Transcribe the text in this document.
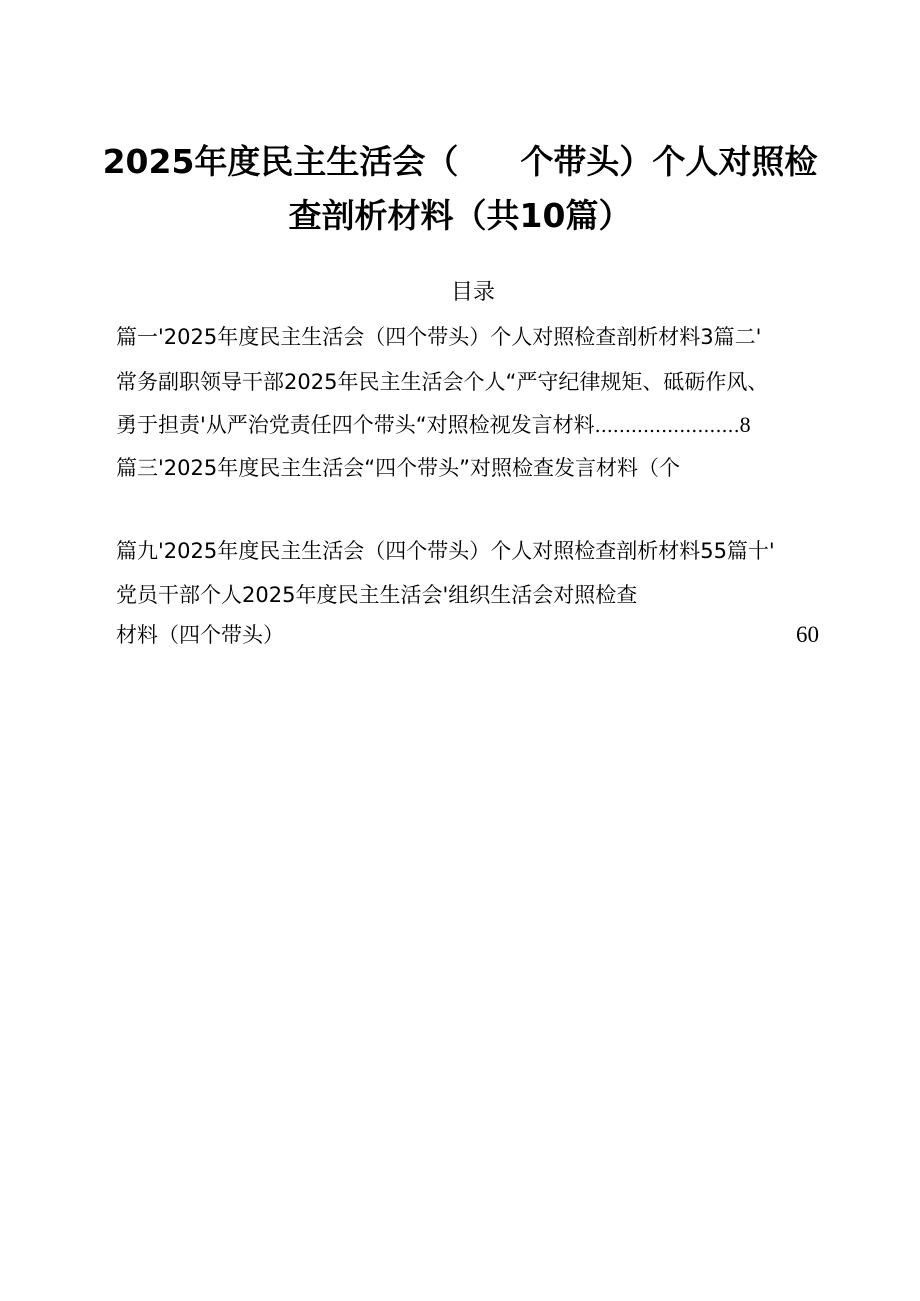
2025年度民主生活会（ 个带头）个人对照检
查剖析材料（共10篇）
目录
篇一'2025年度民主生活会（四个带头）个人对照检查剖析材料3篇二'
常务副职领导干部2025年民主生活会个人“严守纪律规矩、砥砺作风、
勇于担责'从严治党责任四个带头“对照检视发言材料........................8
篇三'2025年度民主生活会“四个带头”对照检查发言材料（个
篇九'2025年度民主生活会（四个带头）个人对照检查剖析材料55篇十'
党员干部个人2025年度民主生活会'组织生活会对照检查
材料（四个带头）	60
